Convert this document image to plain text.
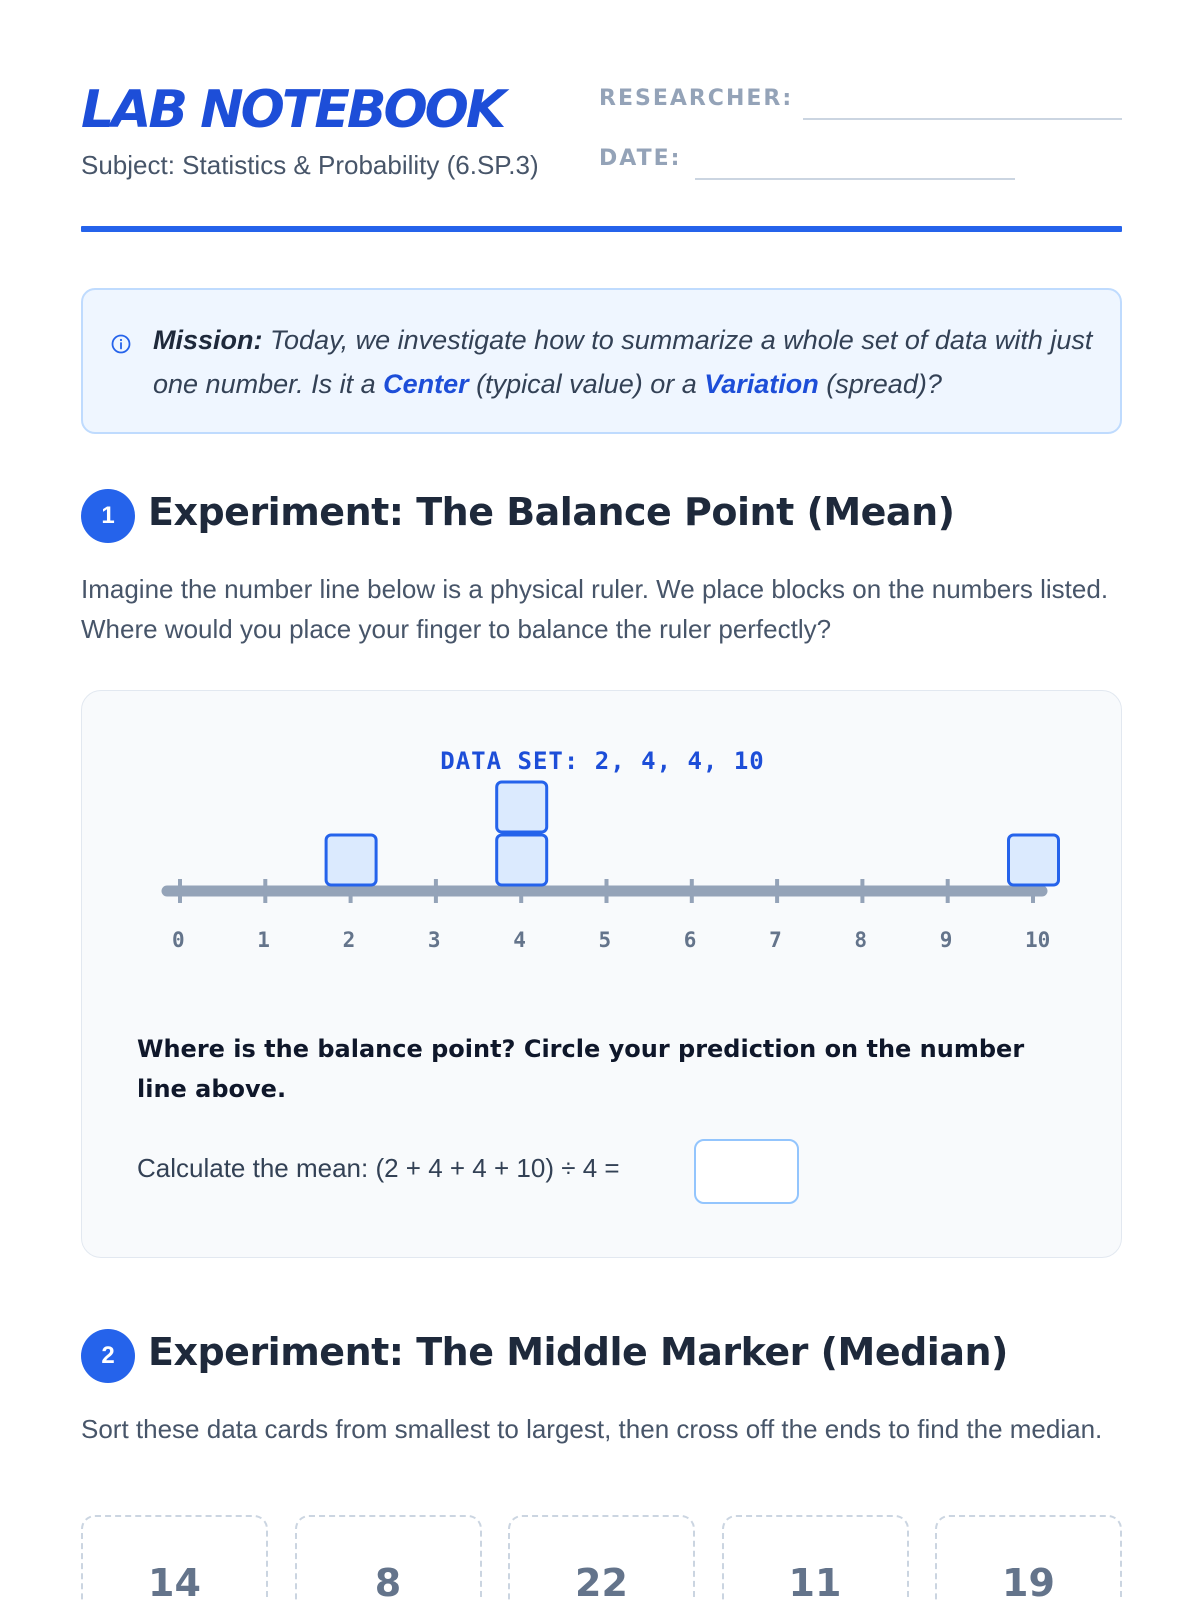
LAB NOTEBOOK
Subject: Statistics & Probability (6.SP.3)
RESEARCHER:
DATE:
Mission: Today, we investigate how to summarize a whole set of data with just one number. Is it a Center (typical value) or a Variation (spread)?
1 Experiment: The Balance Point (Mean)
Imagine the number line below is a physical ruler. We place blocks on the numbers listed. Where would you place your finger to balance the ruler perfectly?
DATA SET: 2, 4, 4, 10
0	1	2	3	4	5	6	7	8	9	10
Where is the balance point? Circle your prediction on the number line above.
Calculate the mean: (2 + 4 + 4 + 10) ÷ 4 =
2 Experiment: The Middle Marker (Median)
Sort these data cards from smallest to largest, then cross off the ends to find the median.
14	8	22	11	19
